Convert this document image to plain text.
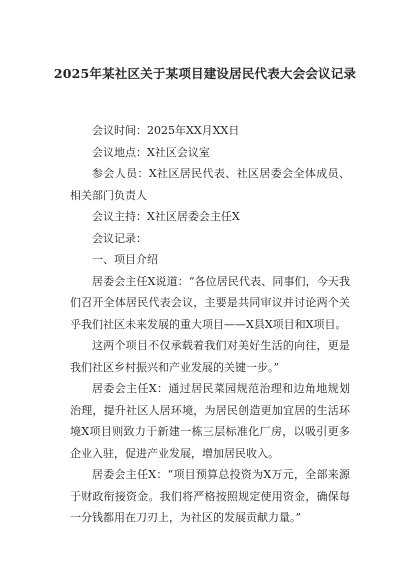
2025年某社区关于某项目建设居民代表大会会议记录

会议时间：2025年XX月XX日

会议地点：X社区会议室

参会人员：X社区居民代表、社区居委会全体成员、相关部门负责人

会议主持：X社区居委会主任X

会议记录：

一、项目介绍

居委会主任X说道：“各位居民代表、同事们，今天我们召开全体居民代表会议，主要是共同审议并讨论两个关乎我们社区未来发展的重大项目——X县X项目和X项目。

这两个项目不仅承载着我们对美好生活的向往，更是我们社区乡村振兴和产业发展的关键一步。”

居委会主任X：通过居民菜园规范治理和边角地规划治理，提升社区人居环境，为居民创造更加宜居的生活环境X项目则致力于新建一栋三层标准化厂房，以吸引更多企业入驻，促进产业发展，增加居民收入。

居委会主任X：“项目预算总投资为X万元，全部来源于财政衔接资金。我们将严格按照规定使用资金，确保每一分钱都用在刀刃上，为社区的发展贡献力量。”
